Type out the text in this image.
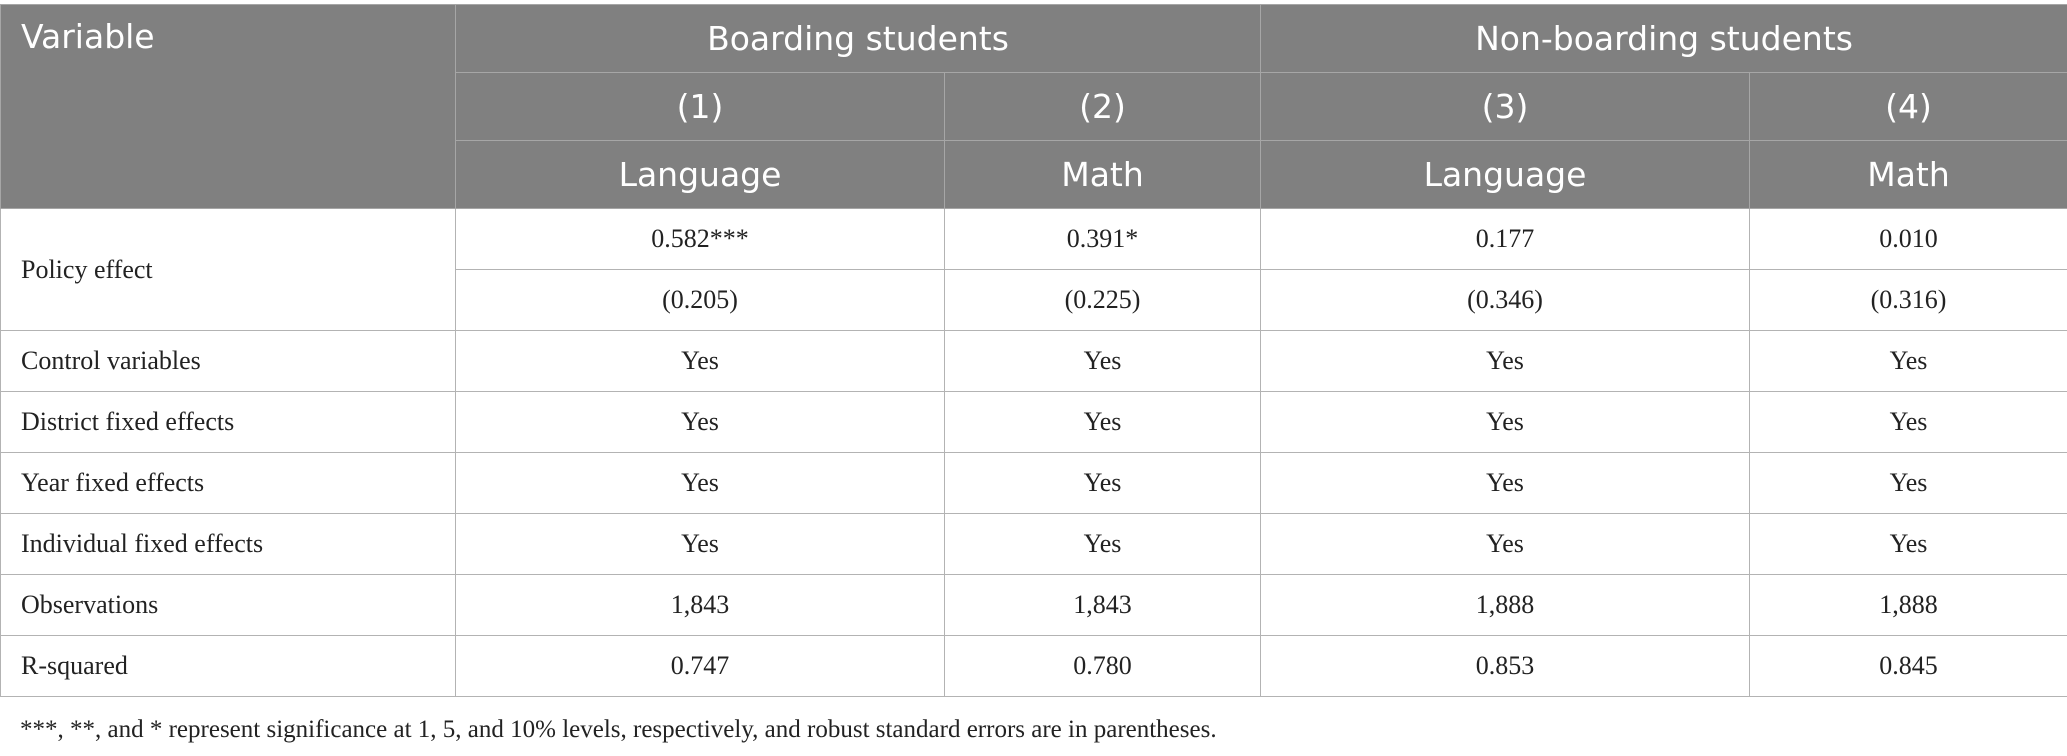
Variable	Boarding students		Non-boarding students	
	(1)	(2)	(3)	(4)
	Language	Math	Language	Math
Policy effect	0.582***	0.391*	0.177	0.010
	(0.205)	(0.225)	(0.346)	(0.316)
Control variables	Yes	Yes	Yes	Yes
District fixed effects	Yes	Yes	Yes	Yes
Year fixed effects	Yes	Yes	Yes	Yes
Individual fixed effects	Yes	Yes	Yes	Yes
Observations	1,843	1,843	1,888	1,888
R-squared	0.747	0.780	0.853	0.845
***, **, and * represent significance at 1, 5, and 10% levels, respectively, and robust standard errors are in parentheses.
